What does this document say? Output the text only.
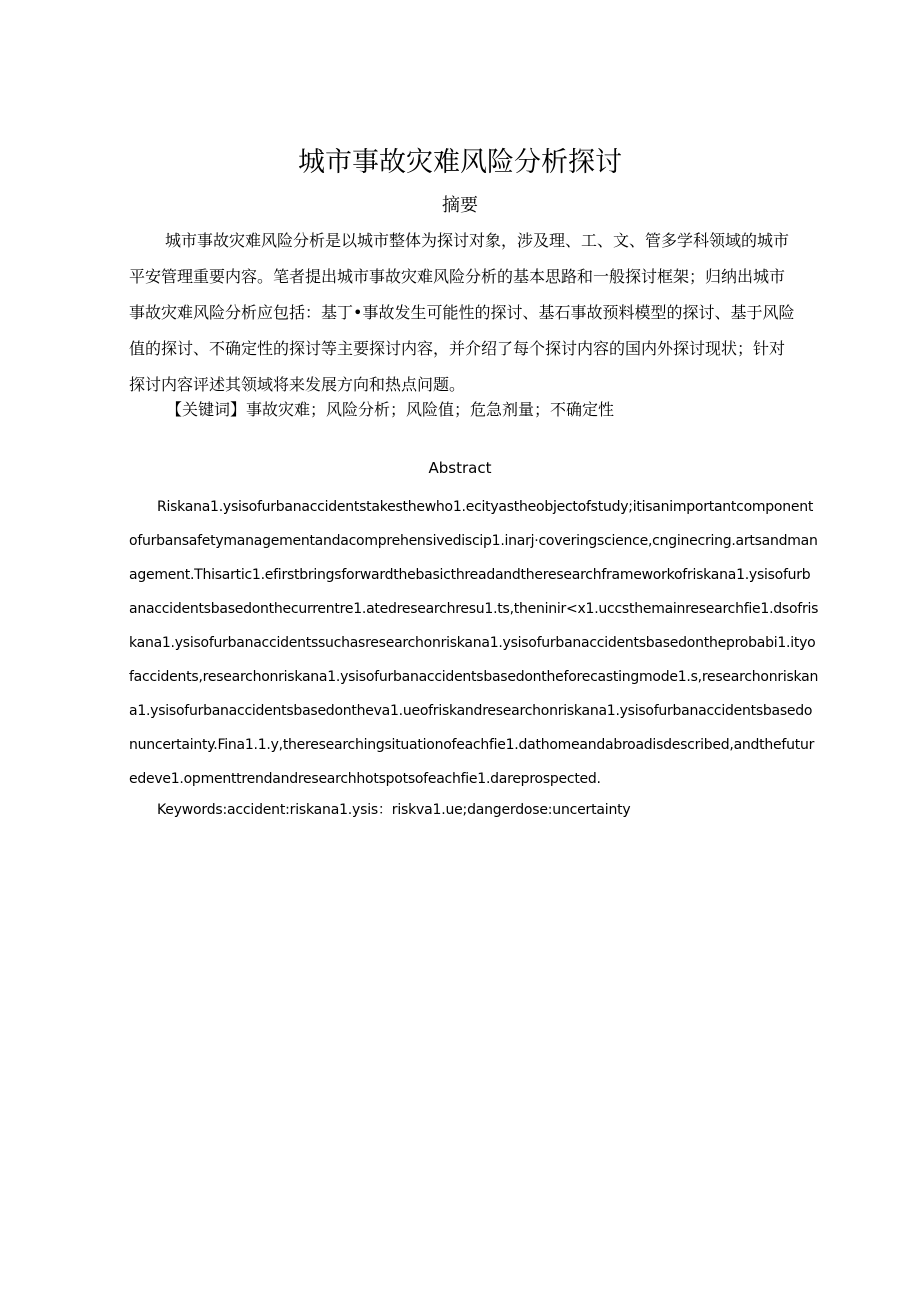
城市事故灾难风险分析探讨
摘要
城市事故灾难风险分析是以城市整体为探讨对象，涉及理、工、文、管多学科领域的城市
平安管理重要内容。笔者提出城市事故灾难风险分析的基本思路和一般探讨框架；归纳出城市
事故灾难风险分析应包括：基丁•事故发生可能性的探讨、基石事故预料模型的探讨、基于风险
值的探讨、不确定性的探讨等主要探讨内容，并介绍了每个探讨内容的国内外探讨现状；针对
探讨内容评述其领域将来发展方向和热点问题。
【关键词】事故灾难；风险分析；风险值；危急剂量；不确定性
Abstract
Riskana1.ysisofurbanaccidentstakesthewho1.ecityastheobjectofstudy;itisanimportantcomponent
ofurbansafetymanagementandacomprehensivediscip1.inarj·coveringscience,cnginecring.artsandman
agement.Thisartic1.efirstbringsforwardthebasicthreadandtheresearchframeworkofriskana1.ysisofurb
anaccidentsbasedonthecurrentre1.atedresearchresu1.ts,theninir<x1.uccsthemainresearchfie1.dsofris
kana1.ysisofurbanaccidentssuchasresearchonriskana1.ysisofurbanaccidentsbasedontheprobabi1.ityo
faccidents,researchonriskana1.ysisofurbanaccidentsbasedontheforecastingmode1.s,researchonriskan
a1.ysisofurbanaccidentsbasedontheva1.ueofriskandresearchonriskana1.ysisofurbanaccidentsbasedo
nuncertainty.Fina1.1.y,theresearchingsituationofeachfie1.dathomeandabroadisdescribed,andthefutur
edeve1.opmenttrendandresearchhotspotsofeachfie1.dareprospected.
Keywords:accident:riskana1.ysis：riskva1.ue;dangerdose:uncertainty
